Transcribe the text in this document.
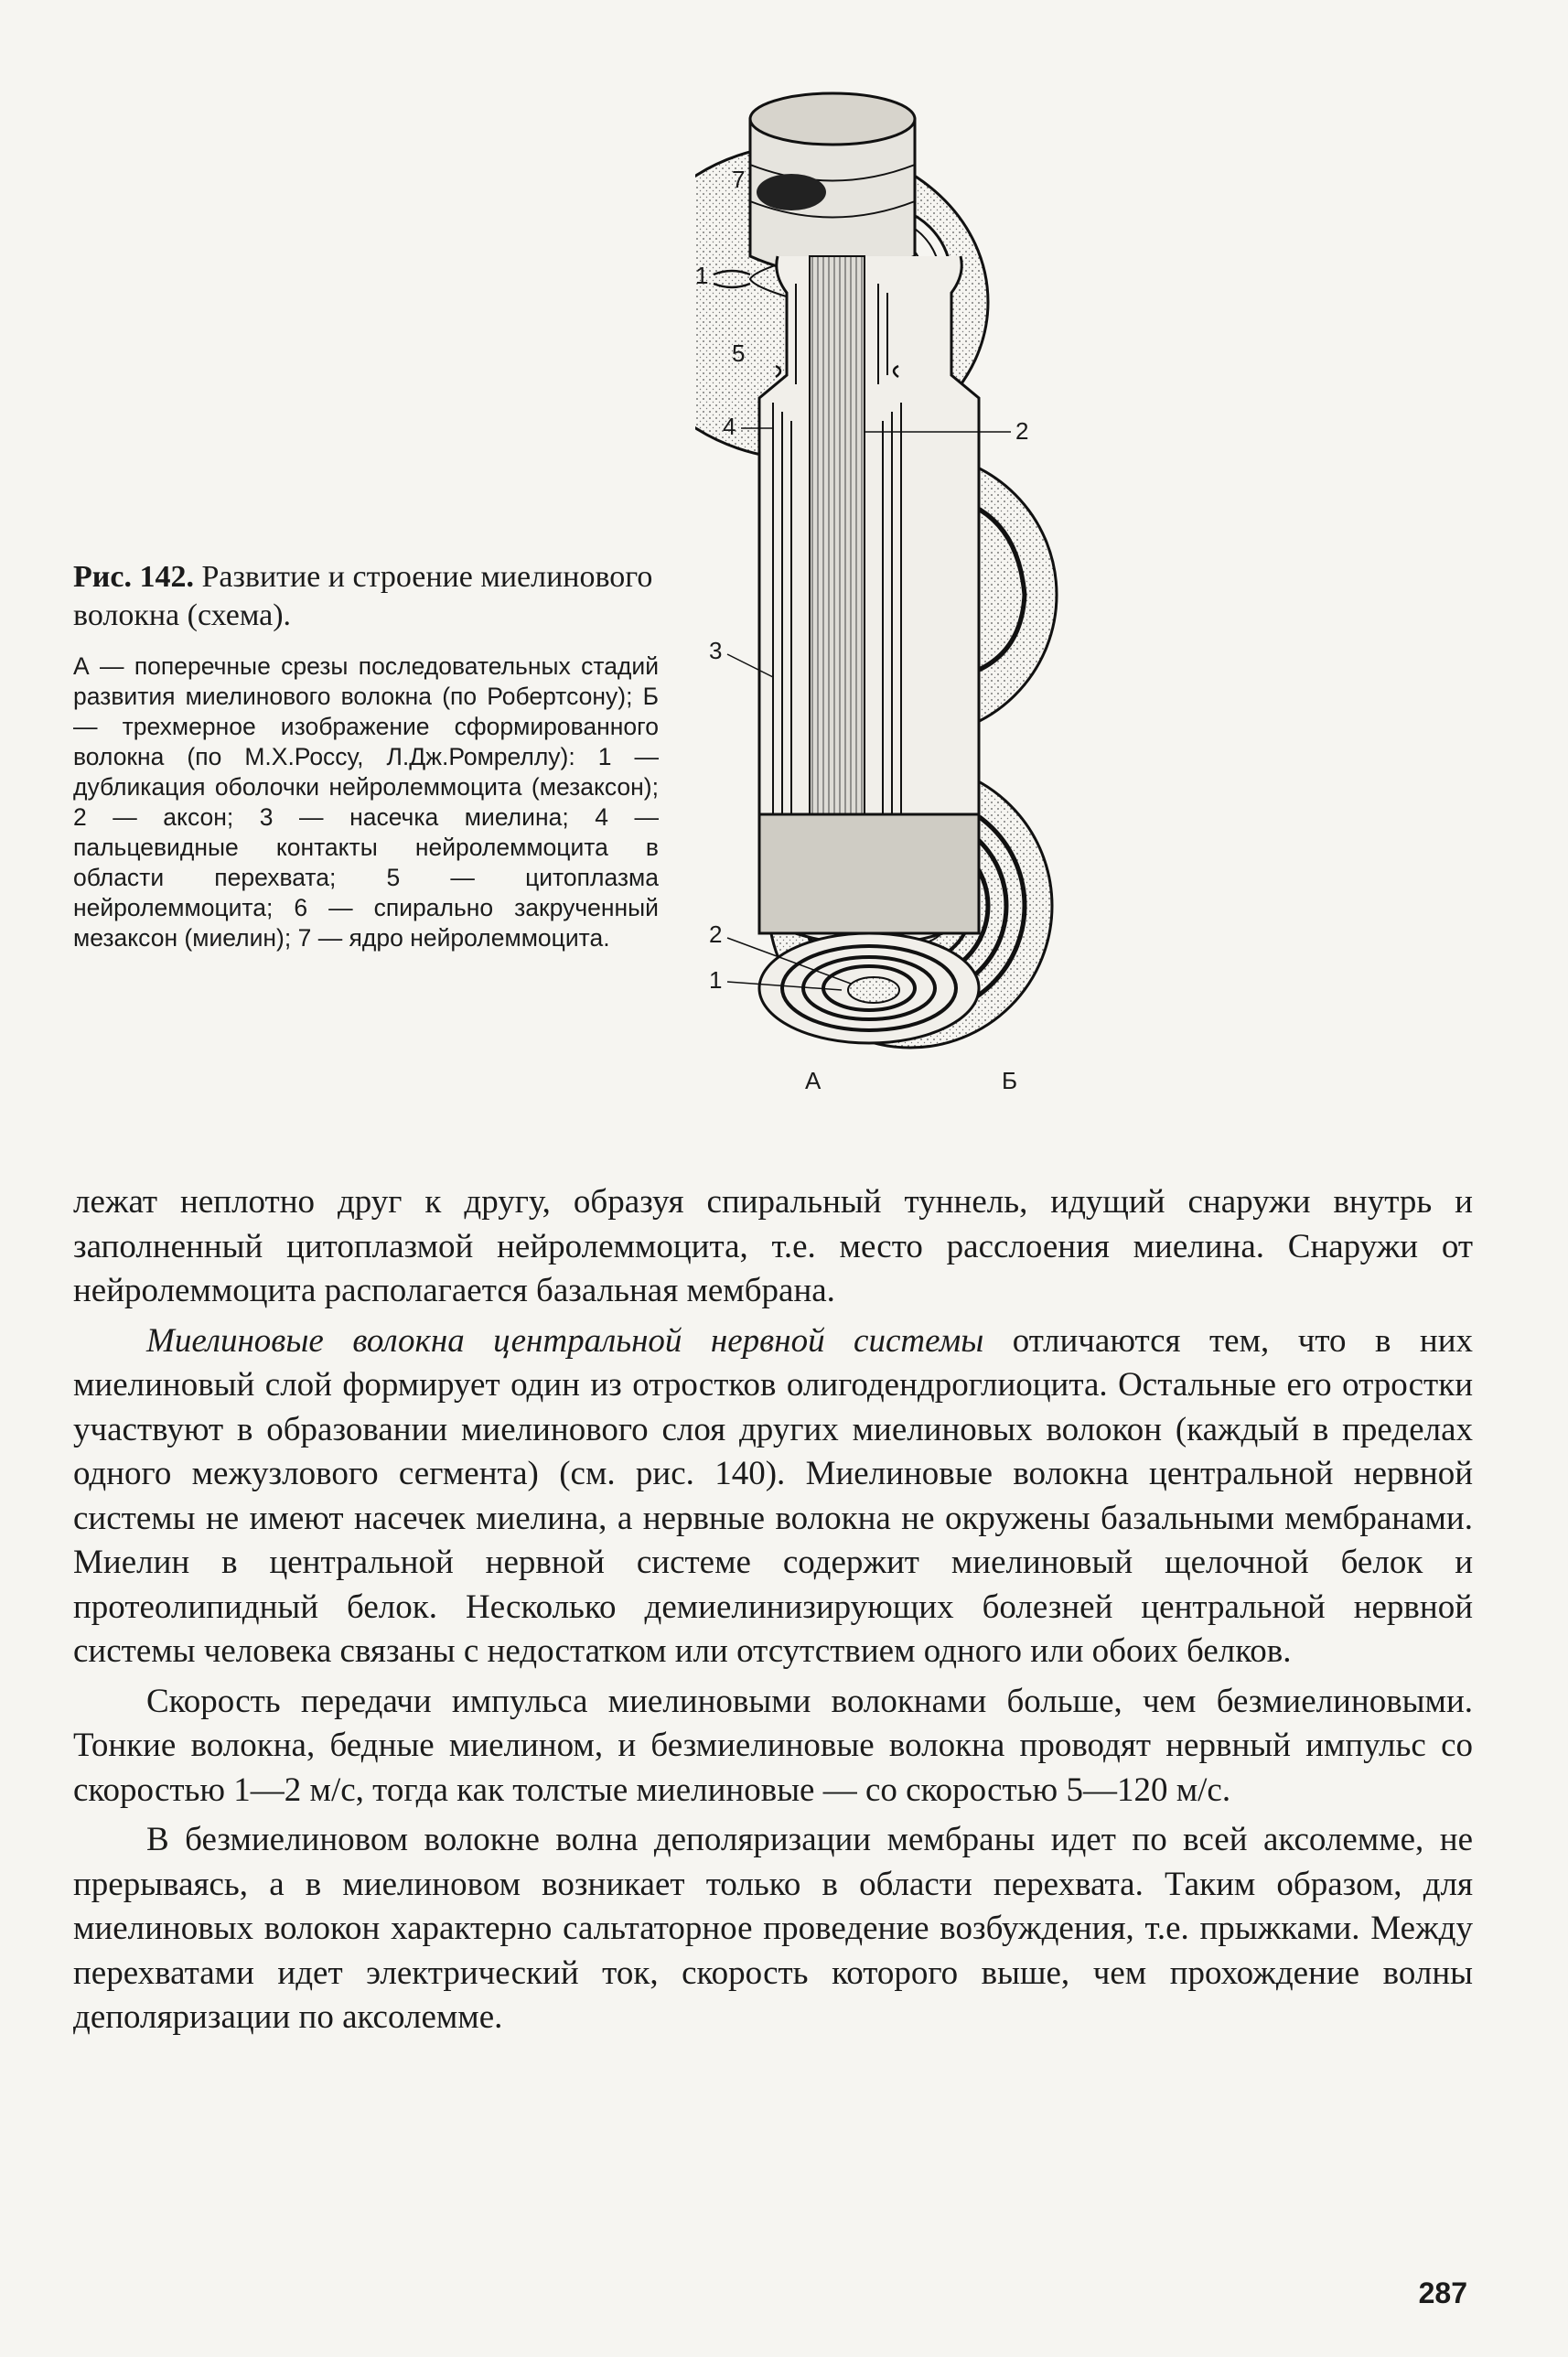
Рис. 142. Развитие и строение миелинового волокна (схема).

А — поперечные срезы последовательных стадий развития миелинового волокна (по Робертсону); Б — трехмерное изображение сформированного волокна (по М.Х.Россу, Л.Дж.Ромреллу): 1 — дубликация оболочки нейролеммоцита (мезаксон); 2 — аксон; 3 — насечка миелина; 4 — пальцевидные контакты нейролеммоцита в области перехвата; 5 — цитоплазма нейролеммоцита; 6 — спирально закрученный мезаксон (миелин); 7 — ядро нейролеммоцита.

1
А
7
5
4	2
3
2
1
Б

лежат неплотно друг к другу, образуя спиральный туннель, идущий снаружи внутрь и заполненный цитоплазмой нейролеммоцита, т.е. место расслоения миелина. Снаружи от нейролеммоцита располагается базальная мембрана.

Миелиновые волокна центральной нервной системы отличаются тем, что в них миелиновый слой формирует один из отростков олигодендроглиоцита. Остальные его отростки участвуют в образовании миелинового слоя других миелиновых волокон (каждый в пределах одного межузлового сегмента) (см. рис. 140). Миелиновые волокна центральной нервной системы не имеют насечек миелина, а нервные волокна не окружены базальными мембранами. Миелин в центральной нервной системе содержит миелиновый щелочной белок и протеолипидный белок. Несколько демиелинизирующих болезней центральной нервной системы человека связаны с недостатком или отсутствием одного или обоих белков.

Скорость передачи импульса миелиновыми волокнами больше, чем безмиелиновыми. Тонкие волокна, бедные миелином, и безмиелиновые волокна проводят нервный импульс со скоростью 1—2 м/с, тогда как толстые миелиновые — со скоростью 5—120 м/с.

В безмиелиновом волокне волна деполяризации мембраны идет по всей аксолемме, не прерываясь, а в миелиновом возникает только в области перехвата. Таким образом, для миелиновых волокон характерно сальтаторное проведение возбуждения, т.е. прыжками. Между перехватами идет электрический ток, скорость которого выше, чем прохождение волны деполяризации по аксолемме.

287
